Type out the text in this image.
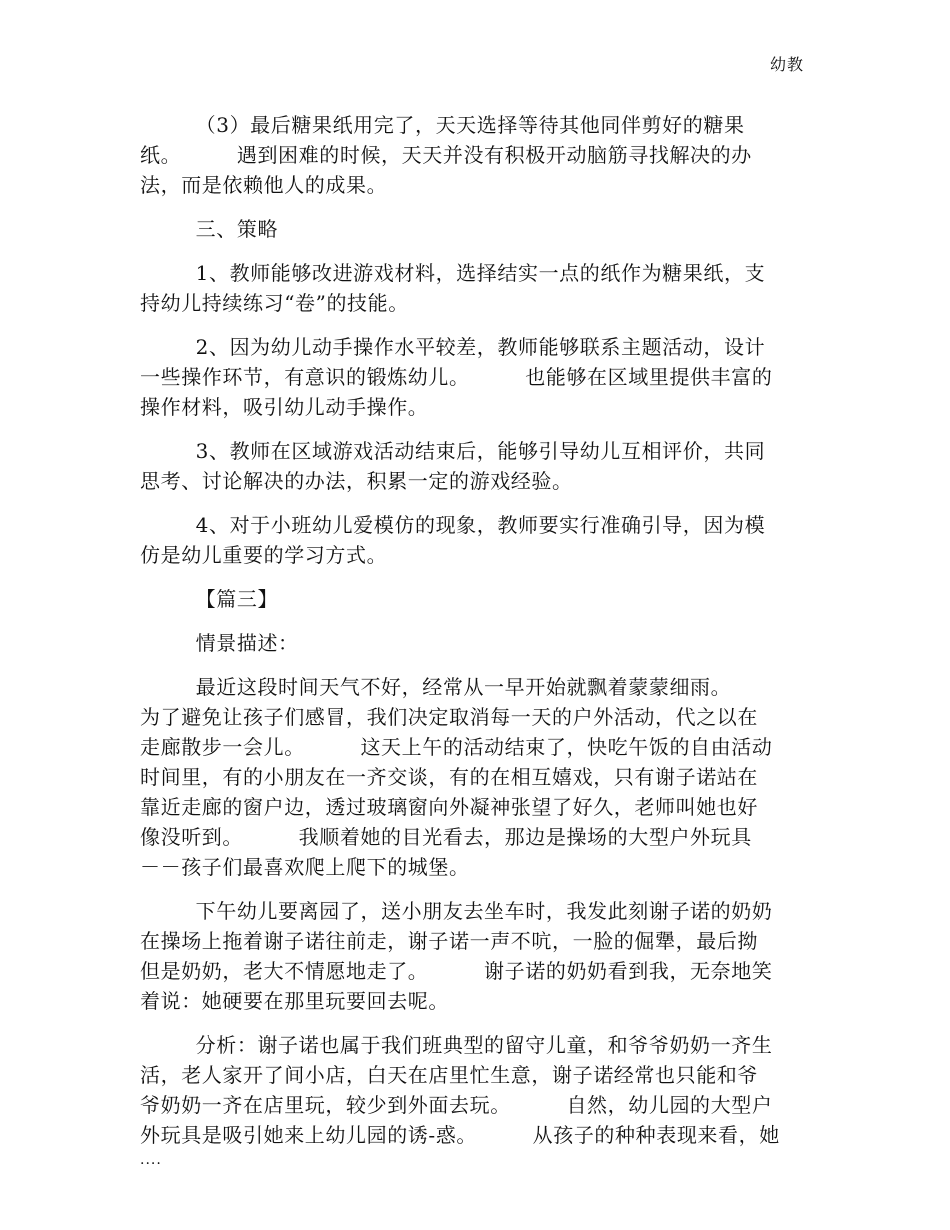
幼教
（3）最后糖果纸用完了，天天选择等待其他同伴剪好的糖果
纸。        遇到困难的时候，天天并没有积极开动脑筋寻找解决的办
法，而是依赖他人的成果。
三、策略
1、教师能够改进游戏材料，选择结实一点的纸作为糖果纸，支
持幼儿持续练习“卷”的技能。
2、因为幼儿动手操作水平较差，教师能够联系主题活动，设计
一些操作环节，有意识的锻炼幼儿。        也能够在区域里提供丰富的
操作材料，吸引幼儿动手操作。
3、教师在区域游戏活动结束后，能够引导幼儿互相评价，共同
思考、讨论解决的办法，积累一定的游戏经验。
4、对于小班幼儿爱模仿的现象，教师要实行准确引导，因为模
仿是幼儿重要的学习方式。
【篇三】
情景描述：
最近这段时间天气不好，经常从一早开始就飘着蒙蒙细雨。
为了避免让孩子们感冒，我们决定取消每一天的户外活动，代之以在
走廊散步一会儿。        这天上午的活动结束了，快吃午饭的自由活动
时间里，有的小朋友在一齐交谈，有的在相互嬉戏，只有谢子诺站在
靠近走廊的窗户边，透过玻璃窗向外凝神张望了好久，老师叫她也好
像没听到。        我顺着她的目光看去，那边是操场的大型户外玩具
－－孩子们最喜欢爬上爬下的城堡。
下午幼儿要离园了，送小朋友去坐车时，我发此刻谢子诺的奶奶
在操场上拖着谢子诺往前走，谢子诺一声不吭，一脸的倔犟，最后拗
但是奶奶，老大不情愿地走了。        谢子诺的奶奶看到我，无奈地笑
着说：她硬要在那里玩要回去呢。
分析：谢子诺也属于我们班典型的留守儿童，和爷爷奶奶一齐生
活，老人家开了间小店，白天在店里忙生意，谢子诺经常也只能和爷
爷奶奶一齐在店里玩，较少到外面去玩。        自然，幼儿园的大型户
外玩具是吸引她来上幼儿园的诱-惑。        从孩子的种种表现来看，她
....
